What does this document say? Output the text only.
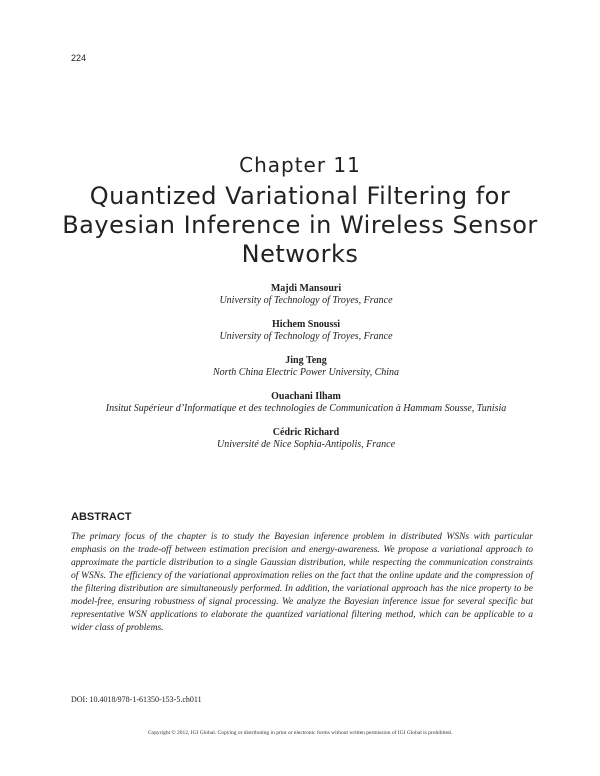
224
Chapter 11
Quantized Variational Filtering for Bayesian Inference in Wireless Sensor Networks
Majdi Mansouri
University of Technology of Troyes, France
Hichem Snoussi
University of Technology of Troyes, France
Jing Teng
North China Electric Power University, China
Ouachani Ilham
Insitut Supérieur d’Informatique et des technologies de Communication à Hammam Sousse, Tunisia
Cédric Richard
Université de Nice Sophia-Antipolis, France
ABSTRACT

The primary focus of the chapter is to study the Bayesian inference problem in distributed WSNs with particular emphasis on the trade-off between estimation precision and energy-awareness. We propose a variational approach to approximate the particle distribution to a single Gaussian distribution, while respecting the communication constraints of WSNs. The efficiency of the variational approximation relies on the fact that the online update and the compression of the filtering distribution are simultaneously performed. In addition, the variational approach has the nice property to be model-free, ensuring robustness of signal processing. We analyze the Bayesian inference issue for several specific but representative WSN applications to elaborate the quantized variational filtering method, which can be applicable to a wider class of problems.

DOI: 10.4018/978-1-61350-153-5.ch011
Copyright © 2012, IGI Global. Copying or distributing in print or electronic forms without written permission of IGI Global is prohibited.
